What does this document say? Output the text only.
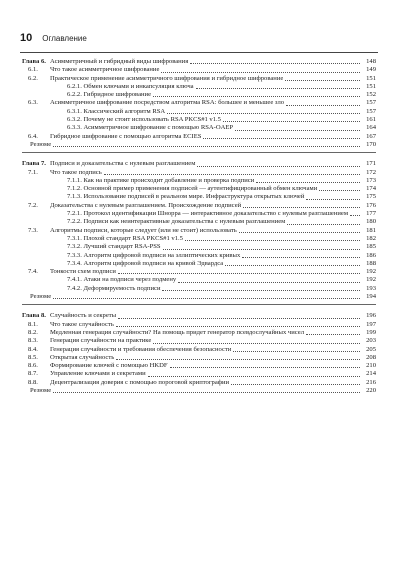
10 Оглавление
Глава 6. Асимметричный и гибридный виды шифрования	148
6.1.	Что такое асимметричное шифрование	149
6.2.	Практическое применение асимметричного шифрования и гибридное шифрование	151
6.2.1. Обмен ключами и инкапсуляция ключа	151
6.2.2. Гибридное шифрование	152
6.3.	Асимметричное шифрование посредством алгоритма RSA: большее и меньшее зло	157
6.3.1. Классический алгоритм RSA	157
6.3.2. Почему не стоит использовать RSA PKCS#1 v1.5	161
6.3.3. Асимметричное шифрование с помощью RSA-OAEP	164
6.4.	Гибридное шифрование с помощью алгоритма ECIES	167
Резюме	170
Глава 7. Подписи и доказательства с нулевым разглашением	171
7.1.	Что такое подпись	172
7.1.1. Как на практике происходит добавление и проверка подписи	173
7.1.2. Основной пример применения подписей — аутентифицированный обмен ключами	174
7.1.3. Использование подписей в реальном мире. Инфраструктура открытых ключей	175
7.2.	Доказательства с нулевым разглашением. Происхождение подписей	176
7.2.1. Протокол идентификации Шнорра — интерактивное доказательство с нулевым разглашением	177
7.2.2. Подписи как неинтерактивные доказательства с нулевым разглашением	180
7.3.	Алгоритмы подписи, которые следует (или не стоит) использовать	181
7.3.1. Плохой стандарт RSA PKCS#1 v1.5	182
7.3.2. Лучший стандарт RSA-PSS	185
7.3.3. Алгоритм цифровой подписи на эллиптических кривых	186
7.3.4. Алгоритм цифровой подписи на кривой Эдвардса	188
7.4.	Тонкости схем подписи	192
7.4.1. Атаки на подписи через подмену	192
7.4.2. Деформируемость подписи	193
Резюме	194
Глава 8. Случайность и секреты	196
8.1.	Что такое случайность	197
8.2.	Медленная генерация случайности? На помощь придет генератор псевдослучайных чисел	199
8.3.	Генерация случайности на практике	203
8.4.	Генерация случайности и требования обеспечения безопасности	205
8.5.	Открытая случайность	208
8.6.	Формирование ключей с помощью HKDF	210
8.7.	Управление ключами и секретами	214
8.8.	Децентрализация доверия с помощью пороговой криптографии	216
Резюме	220
